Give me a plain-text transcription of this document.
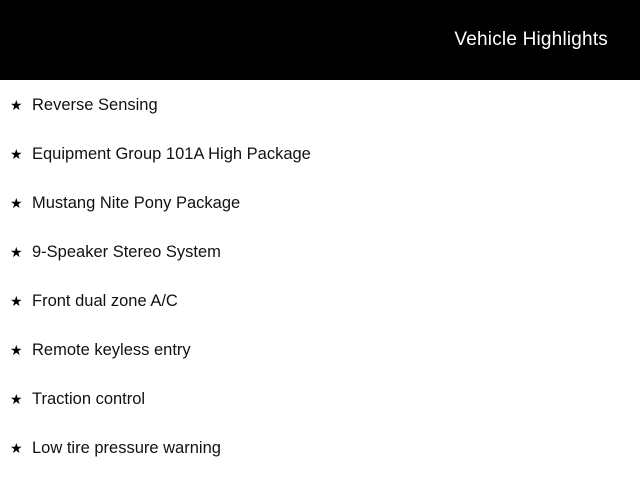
Vehicle Highlights
★ Reverse Sensing
★ Equipment Group 101A High Package
★ Mustang Nite Pony Package
★ 9-Speaker Stereo System
★ Front dual zone A/C
★ Remote keyless entry
★ Traction control
★ Low tire pressure warning
